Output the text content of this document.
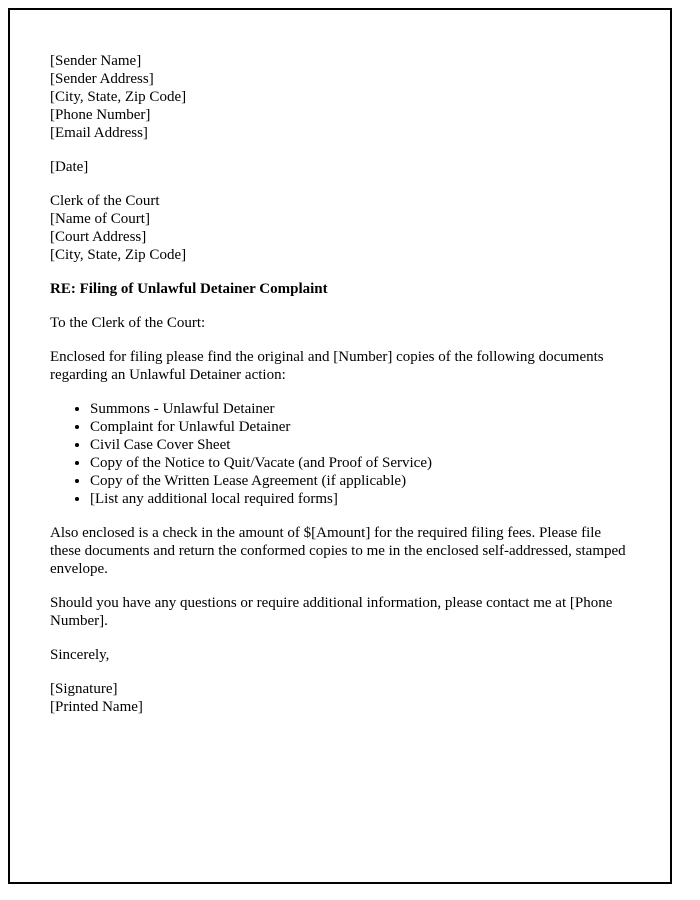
[Sender Name]

[Sender Address]

[City, State, Zip Code]

[Phone Number]

[Email Address]

[Date]

Clerk of the Court

[Name of Court]

[Court Address]

[City, State, Zip Code]

RE: Filing of Unlawful Detainer Complaint

To the Clerk of the Court:

Enclosed for filing please find the original and [Number] copies of the following documents regarding an Unlawful Detainer action:

• Summons - Unlawful Detainer
• Complaint for Unlawful Detainer
• Civil Case Cover Sheet
• Copy of the Notice to Quit/Vacate (and Proof of Service)
• Copy of the Written Lease Agreement (if applicable)
• [List any additional local required forms]

Also enclosed is a check in the amount of $[Amount] for the required filing fees. Please file these documents and return the conformed copies to me in the enclosed self-addressed, stamped envelope.

Should you have any questions or require additional information, please contact me at [Phone Number].

Sincerely,

[Signature]

[Printed Name]
